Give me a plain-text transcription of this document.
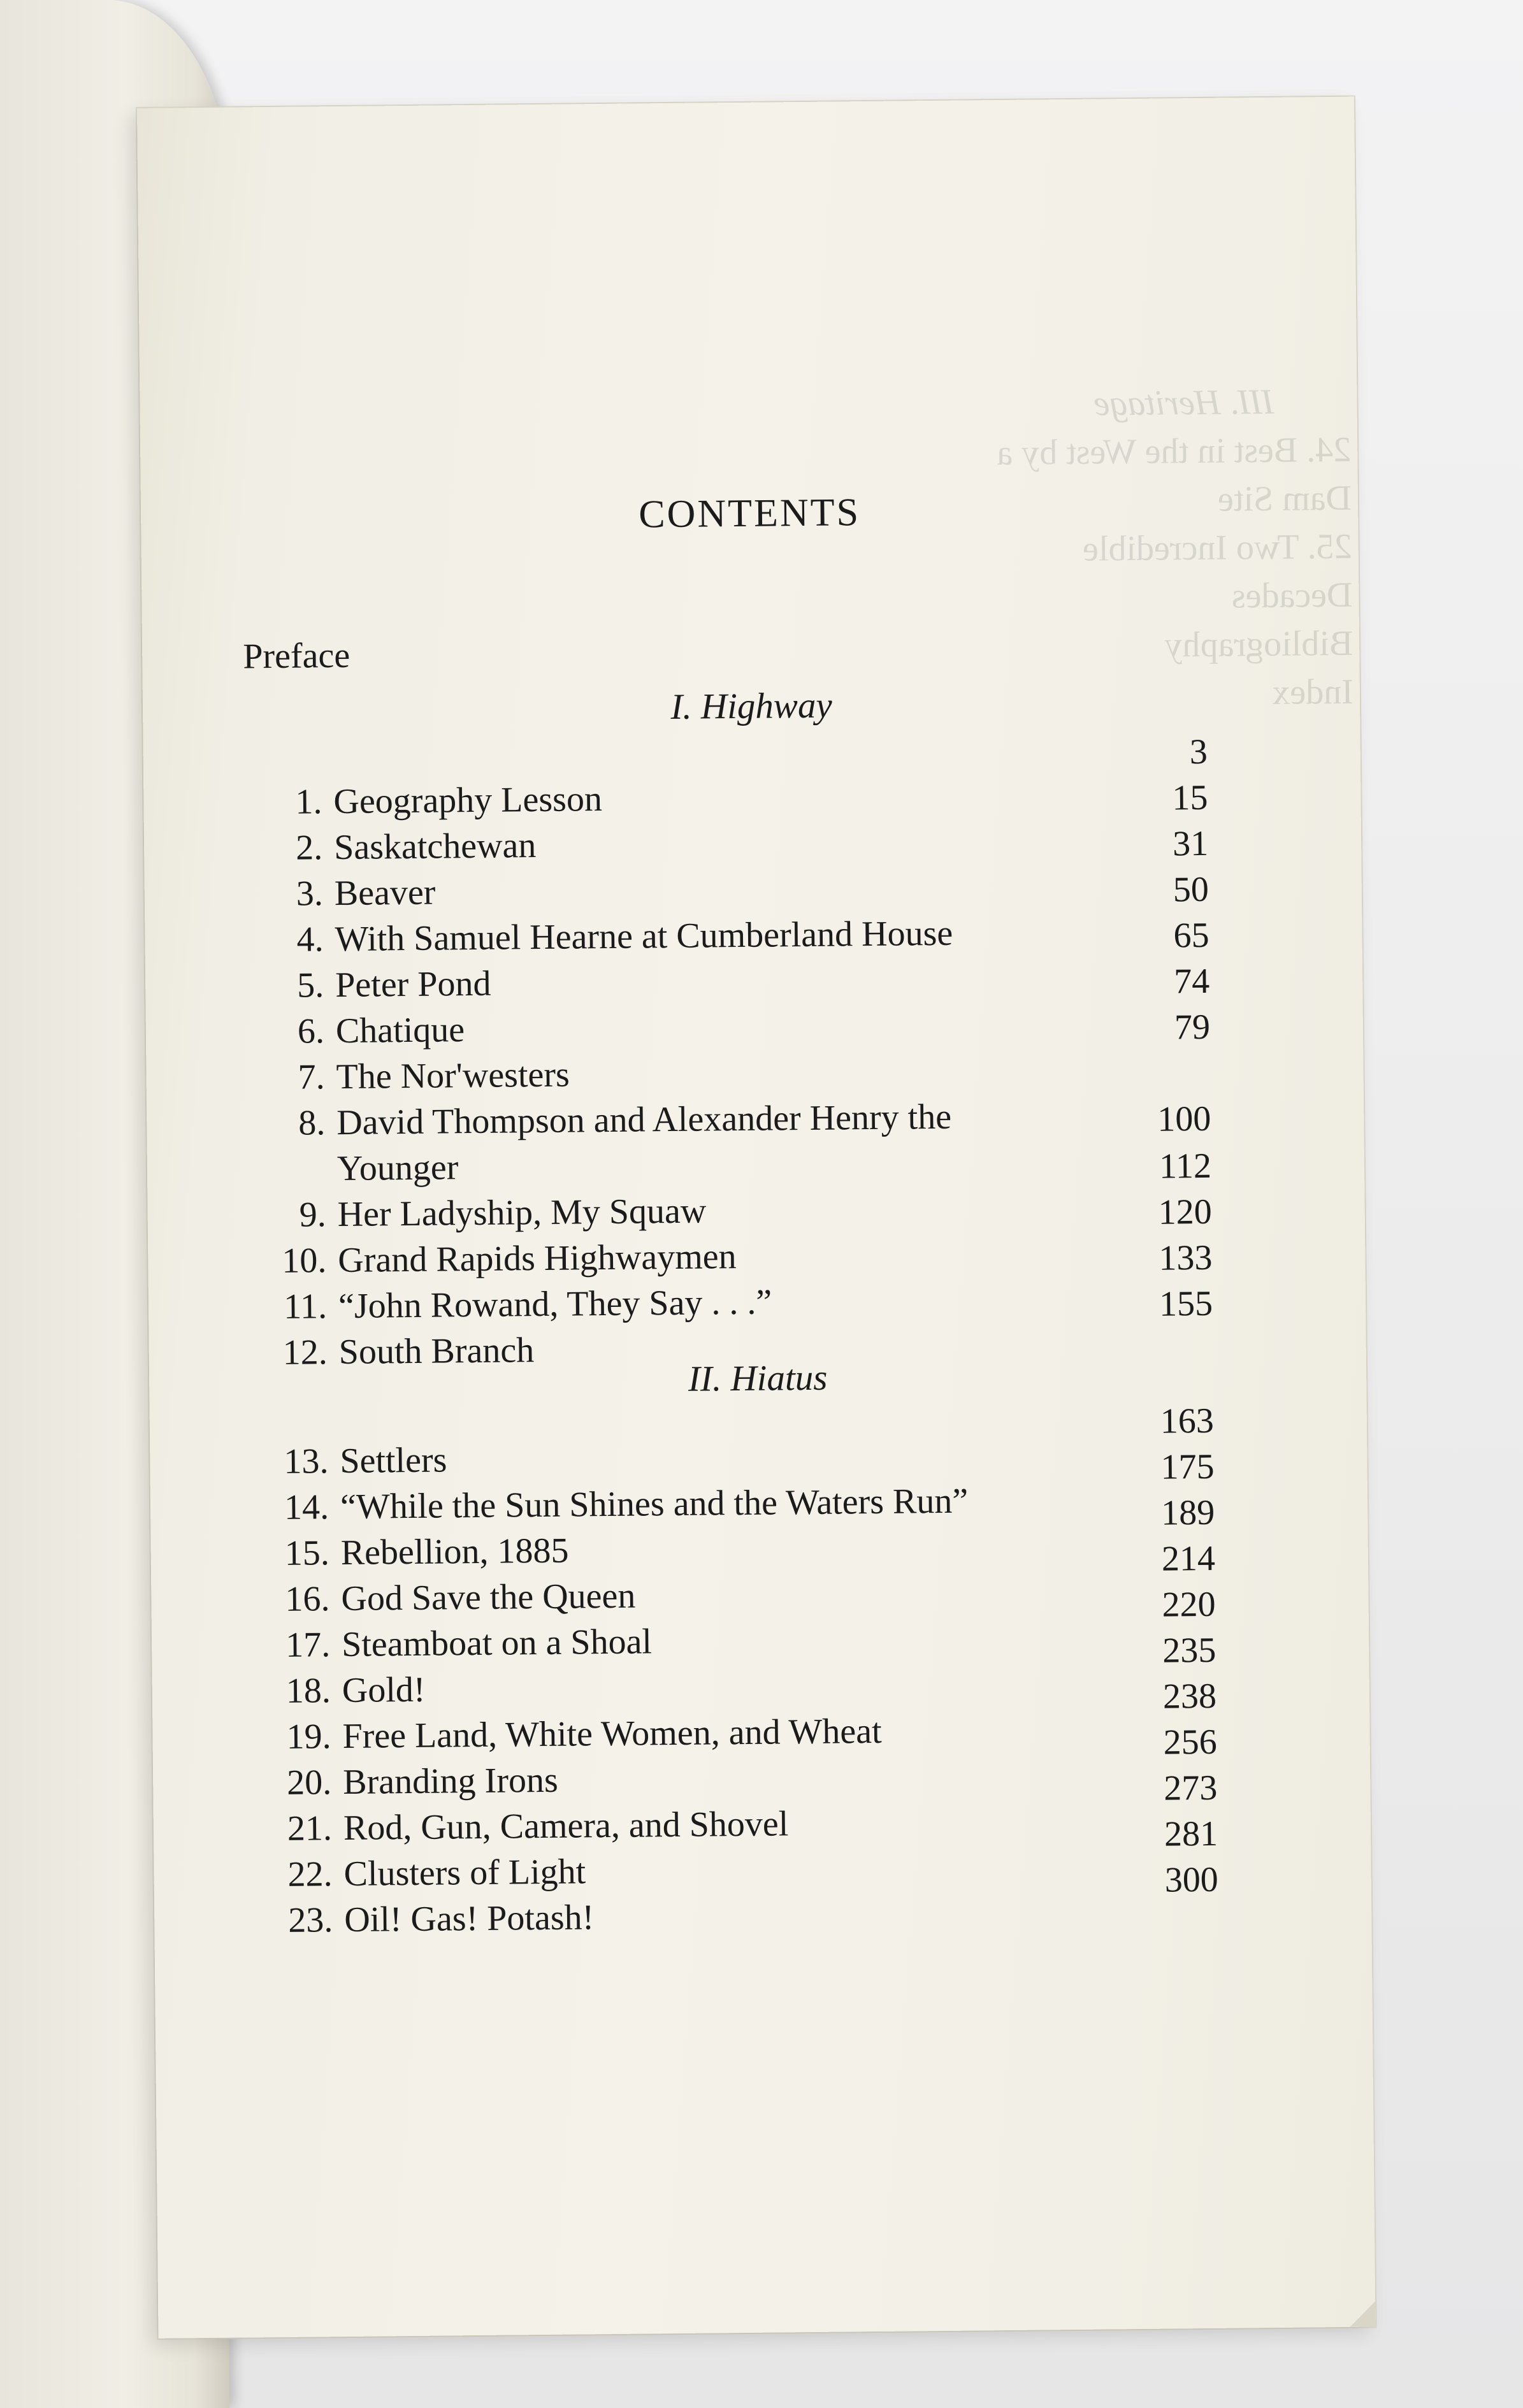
III. Heritage
24. Best in the West by a Dam Site
25. Two Incredible Decades
Bibliography
Index
CONTENTS
Preface
I. Highway
1. Geography Lesson
2. Saskatchewan
3. Beaver
4. With Samuel Hearne at Cumberland House
5. Peter Pond
6. Chatique
7. The Nor'westers
8. David Thompson and Alexander Henry the
Younger
9. Her Ladyship, My Squaw
10. Grand Rapids Highwaymen
11. “John Rowand, They Say . . .”
12. South Branch
II. Hiatus
13. Settlers
14. “While the Sun Shines and the Waters Run”
15. Rebellion, 1885
16. God Save the Queen
17. Steamboat on a Shoal
18. Gold!
19. Free Land, White Women, and Wheat
20. Branding Irons
21. Rod, Gun, Camera, and Shovel
22. Clusters of Light
23. Oil! Gas! Potash!
3
15
31
50
65
74
79
100
112
120
133
155
163
175
189
214
220
235
238
256
273
281
300
